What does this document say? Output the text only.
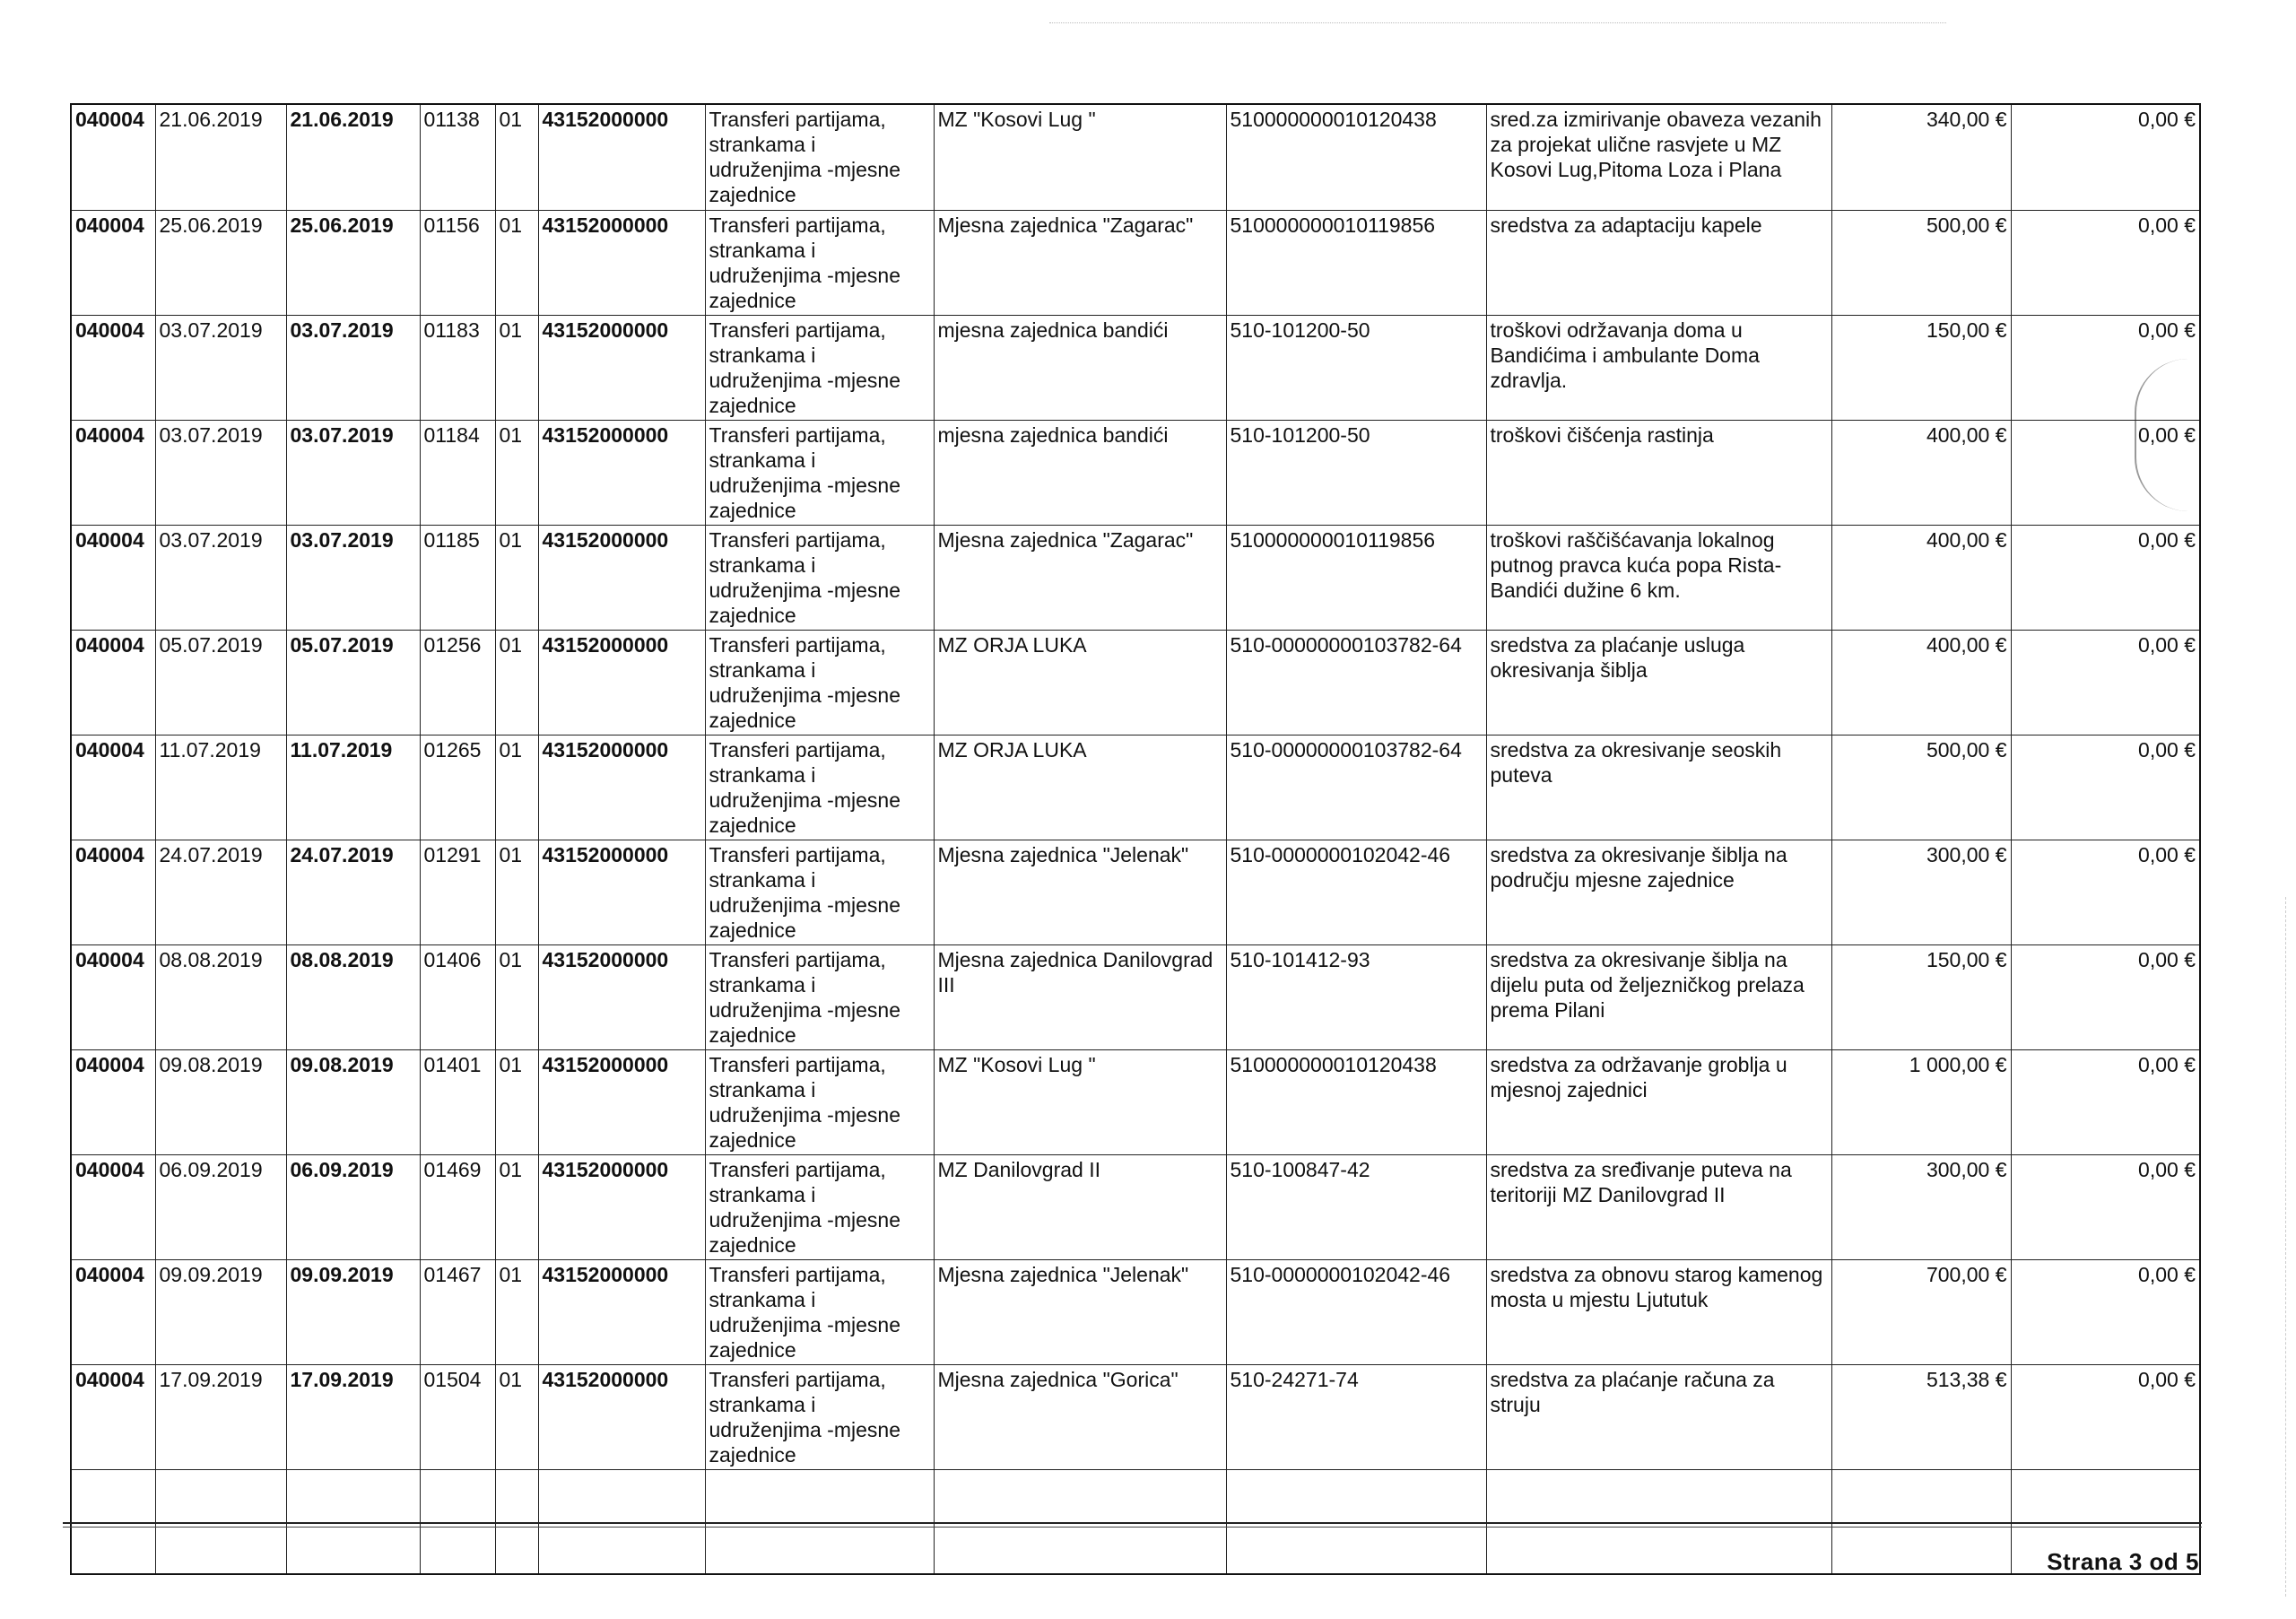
040004	21.06.2019	21.06.2019	01138	01	43152000000	Transferi partijama, strankama i udruženjima -mjesne zajednice	MZ "Kosovi Lug "	510000000010120438	sred.za izmirivanje obaveza vezanih za projekat ulične rasvjete u MZ Kosovi Lug,Pitoma Loza i Plana	340,00 €	0,00 €
040004	25.06.2019	25.06.2019	01156	01	43152000000	Transferi partijama, strankama i udruženjima -mjesne zajednice	Mjesna zajednica "Zagarac"	510000000010119856	sredstva za adaptaciju kapele	500,00 €	0,00 €
040004	03.07.2019	03.07.2019	01183	01	43152000000	Transferi partijama, strankama i udruženjima -mjesne zajednice	mjesna zajednica bandići	510-101200-50	troškovi održavanja doma u Bandićima i ambulante Doma zdravlja.	150,00 €	0,00 €
040004	03.07.2019	03.07.2019	01184	01	43152000000	Transferi partijama, strankama i udruženjima -mjesne zajednice	mjesna zajednica bandići	510-101200-50	troškovi čišćenja rastinja	400,00 €	0,00 €
040004	03.07.2019	03.07.2019	01185	01	43152000000	Transferi partijama, strankama i udruženjima -mjesne zajednice	Mjesna zajednica "Zagarac"	510000000010119856	troškovi raščišćavanja lokalnog putnog pravca kuća popa Rista-Bandići dužine 6 km.	400,00 €	0,00 €
040004	05.07.2019	05.07.2019	01256	01	43152000000	Transferi partijama, strankama i udruženjima -mjesne zajednice	MZ ORJA LUKA	510-00000000103782-64	sredstva za plaćanje usluga okresivanja šiblja	400,00 €	0,00 €
040004	11.07.2019	11.07.2019	01265	01	43152000000	Transferi partijama, strankama i udruženjima -mjesne zajednice	MZ ORJA LUKA	510-00000000103782-64	sredstva za okresivanje seoskih puteva	500,00 €	0,00 €
040004	24.07.2019	24.07.2019	01291	01	43152000000	Transferi partijama, strankama i udruženjima -mjesne zajednice	Mjesna zajednica "Jelenak"	510-0000000102042-46	sredstva za okresivanje šiblja na području mjesne zajednice	300,00 €	0,00 €
040004	08.08.2019	08.08.2019	01406	01	43152000000	Transferi partijama, strankama i udruženjima -mjesne zajednice	Mjesna zajednica Danilovgrad III	510-101412-93	sredstva za okresivanje šiblja na dijelu puta od željezničkog prelaza prema Pilani	150,00 €	0,00 €
040004	09.08.2019	09.08.2019	01401	01	43152000000	Transferi partijama, strankama i udruženjima -mjesne zajednice	MZ "Kosovi Lug "	510000000010120438	sredstva za održavanje groblja u mjesnoj zajednici	1 000,00 €	0,00 €
040004	06.09.2019	06.09.2019	01469	01	43152000000	Transferi partijama, strankama i udruženjima -mjesne zajednice	MZ Danilovgrad II	510-100847-42	sredstva za sređivanje puteva na teritoriji MZ Danilovgrad II	300,00 €	0,00 €
040004	09.09.2019	09.09.2019	01467	01	43152000000	Transferi partijama, strankama i udruženjima -mjesne zajednice	Mjesna zajednica "Jelenak"	510-0000000102042-46	sredstva za obnovu starog kamenog mosta u mjestu Ljututuk	700,00 €	0,00 €
040004	17.09.2019	17.09.2019	01504	01	43152000000	Transferi partijama, strankama i udruženjima -mjesne zajednice	Mjesna zajednica "Gorica"	510-24271-74	sredstva za plaćanje računa za struju	513,38 €	0,00 €

Strana 3 od 5
